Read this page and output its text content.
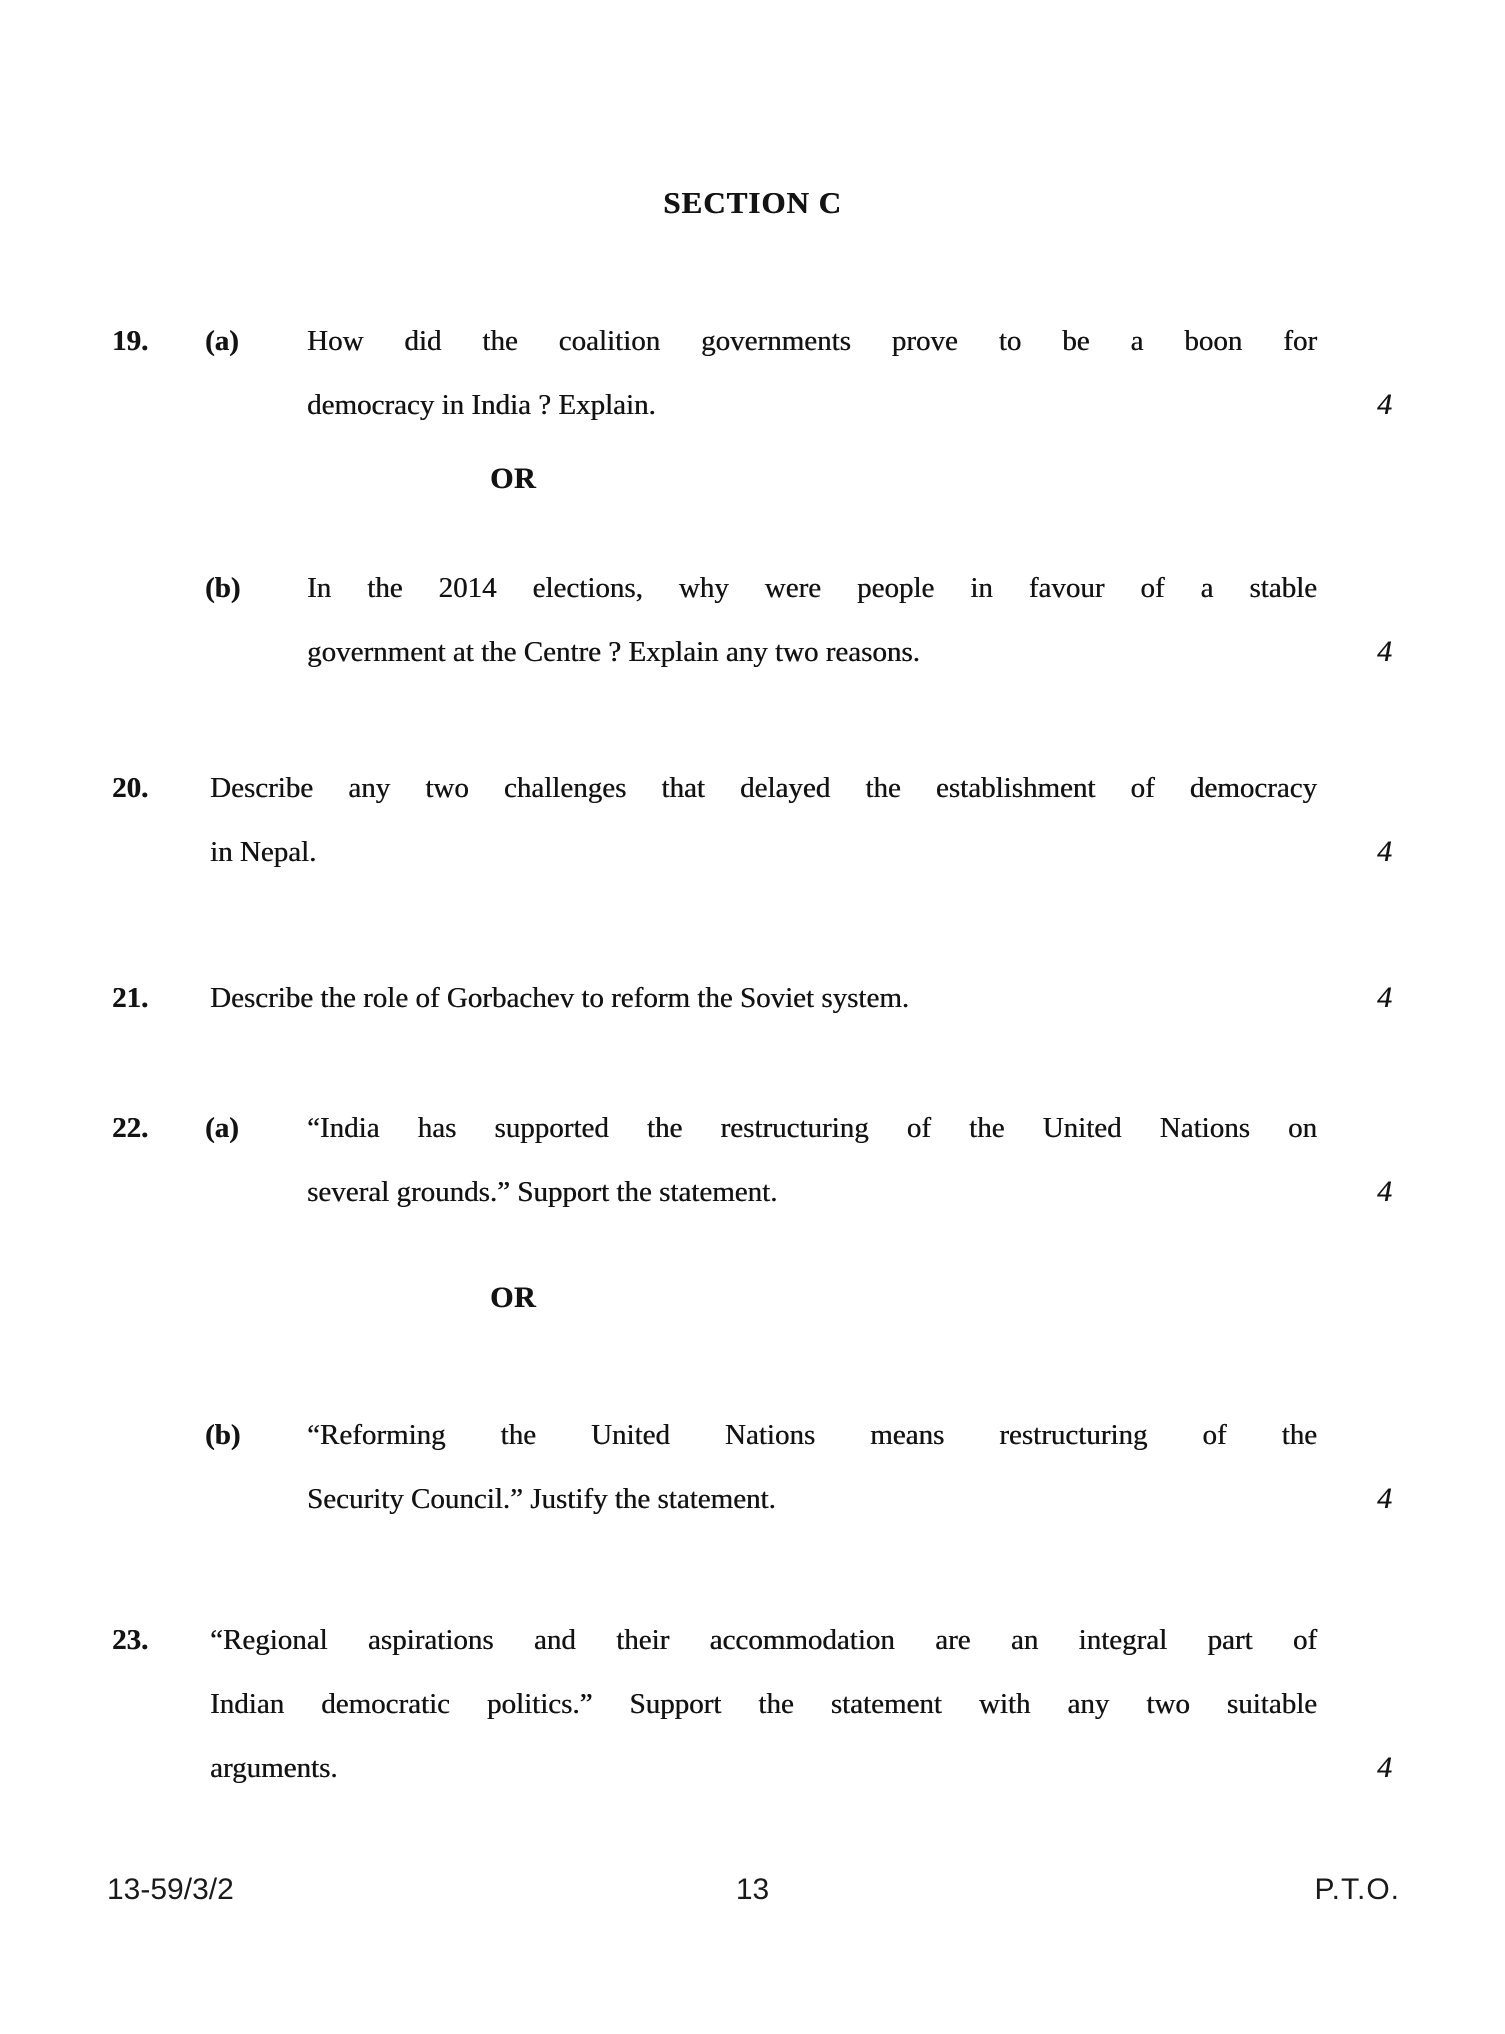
SECTION C
19. (a) How did the coalition governments prove to be a boon for
democracy in India ? Explain.	4
OR
(b) In the 2014 elections, why were people in favour of a stable
government at the Centre ? Explain any two reasons.	4
20. Describe any two challenges that delayed the establishment of democracy
in Nepal.	4
21. Describe the role of Gorbachev to reform the Soviet system.	4
22. (a) “India has supported the restructuring of the United Nations on
several grounds.” Support the statement.	4
OR
(b) “Reforming the United Nations means restructuring of the
Security Council.” Justify the statement.	4
23. “Regional aspirations and their accommodation are an integral part of
Indian democratic politics.” Support the statement with any two suitable
arguments.	4
13-59/3/2	13	P.T.O.
